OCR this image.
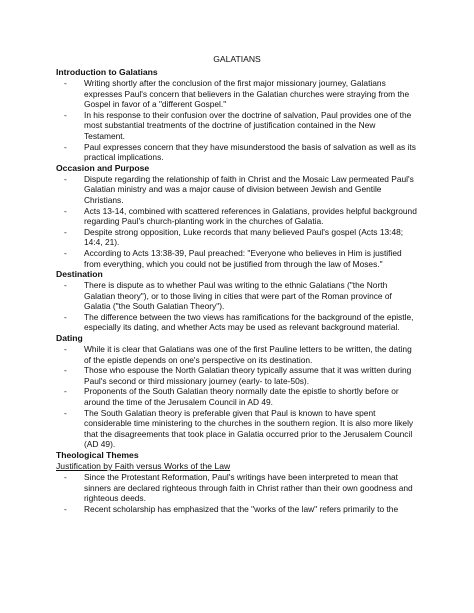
GALATIANS
Introduction to Galatians
- Writing shortly after the conclusion of the first major missionary journey, Galatians expresses Paul's concern that believers in the Galatian churches were straying from the Gospel in favor of a "different Gospel."
- In his response to their confusion over the doctrine of salvation, Paul provides one of the most substantial treatments of the doctrine of justification contained in the New Testament.
- Paul expresses concern that they have misunderstood the basis of salvation as well as its practical implications.
Occasion and Purpose
- Dispute regarding the relationship of faith in Christ and the Mosaic Law permeated Paul's Galatian ministry and was a major cause of division between Jewish and Gentile Christians.
- Acts 13-14, combined with scattered references in Galatians, provides helpful background regarding Paul's church-planting work in the churches of Galatia.
- Despite strong opposition, Luke records that many believed Paul's gospel (Acts 13:48; 14:4, 21).
- According to Acts 13:38-39, Paul preached: "Everyone who believes in Him is justified from everything, which you could not be justified from through the law of Moses."
Destination
- There is dispute as to whether Paul was writing to the ethnic Galatians ("the North Galatian theory"), or to those living in cities that were part of the Roman province of Galatia ("the South Galatian Theory").
- The difference between the two views has ramifications for the background of the epistle, especially its dating, and whether Acts may be used as relevant background material.
Dating
- While it is clear that Galatians was one of the first Pauline letters to be written, the dating of the epistle depends on one's perspective on its destination.
- Those who espouse the North Galatian theory typically assume that it was written during Paul's second or third missionary journey (early- to late-50s).
- Proponents of the South Galatian theory normally date the epistle to shortly before or around the time of the Jerusalem Council in AD 49.
- The South Galatian theory is preferable given that Paul is known to have spent considerable time ministering to the churches in the southern region. It is also more likely that the disagreements that took place in Galatia occurred prior to the Jerusalem Council (AD 49).
Theological Themes
Justification by Faith versus Works of the Law
- Since the Protestant Reformation, Paul's writings have been interpreted to mean that sinners are declared righteous through faith in Christ rather than their own goodness and righteous deeds.
- Recent scholarship has emphasized that the "works of the law" refers primarily to the
